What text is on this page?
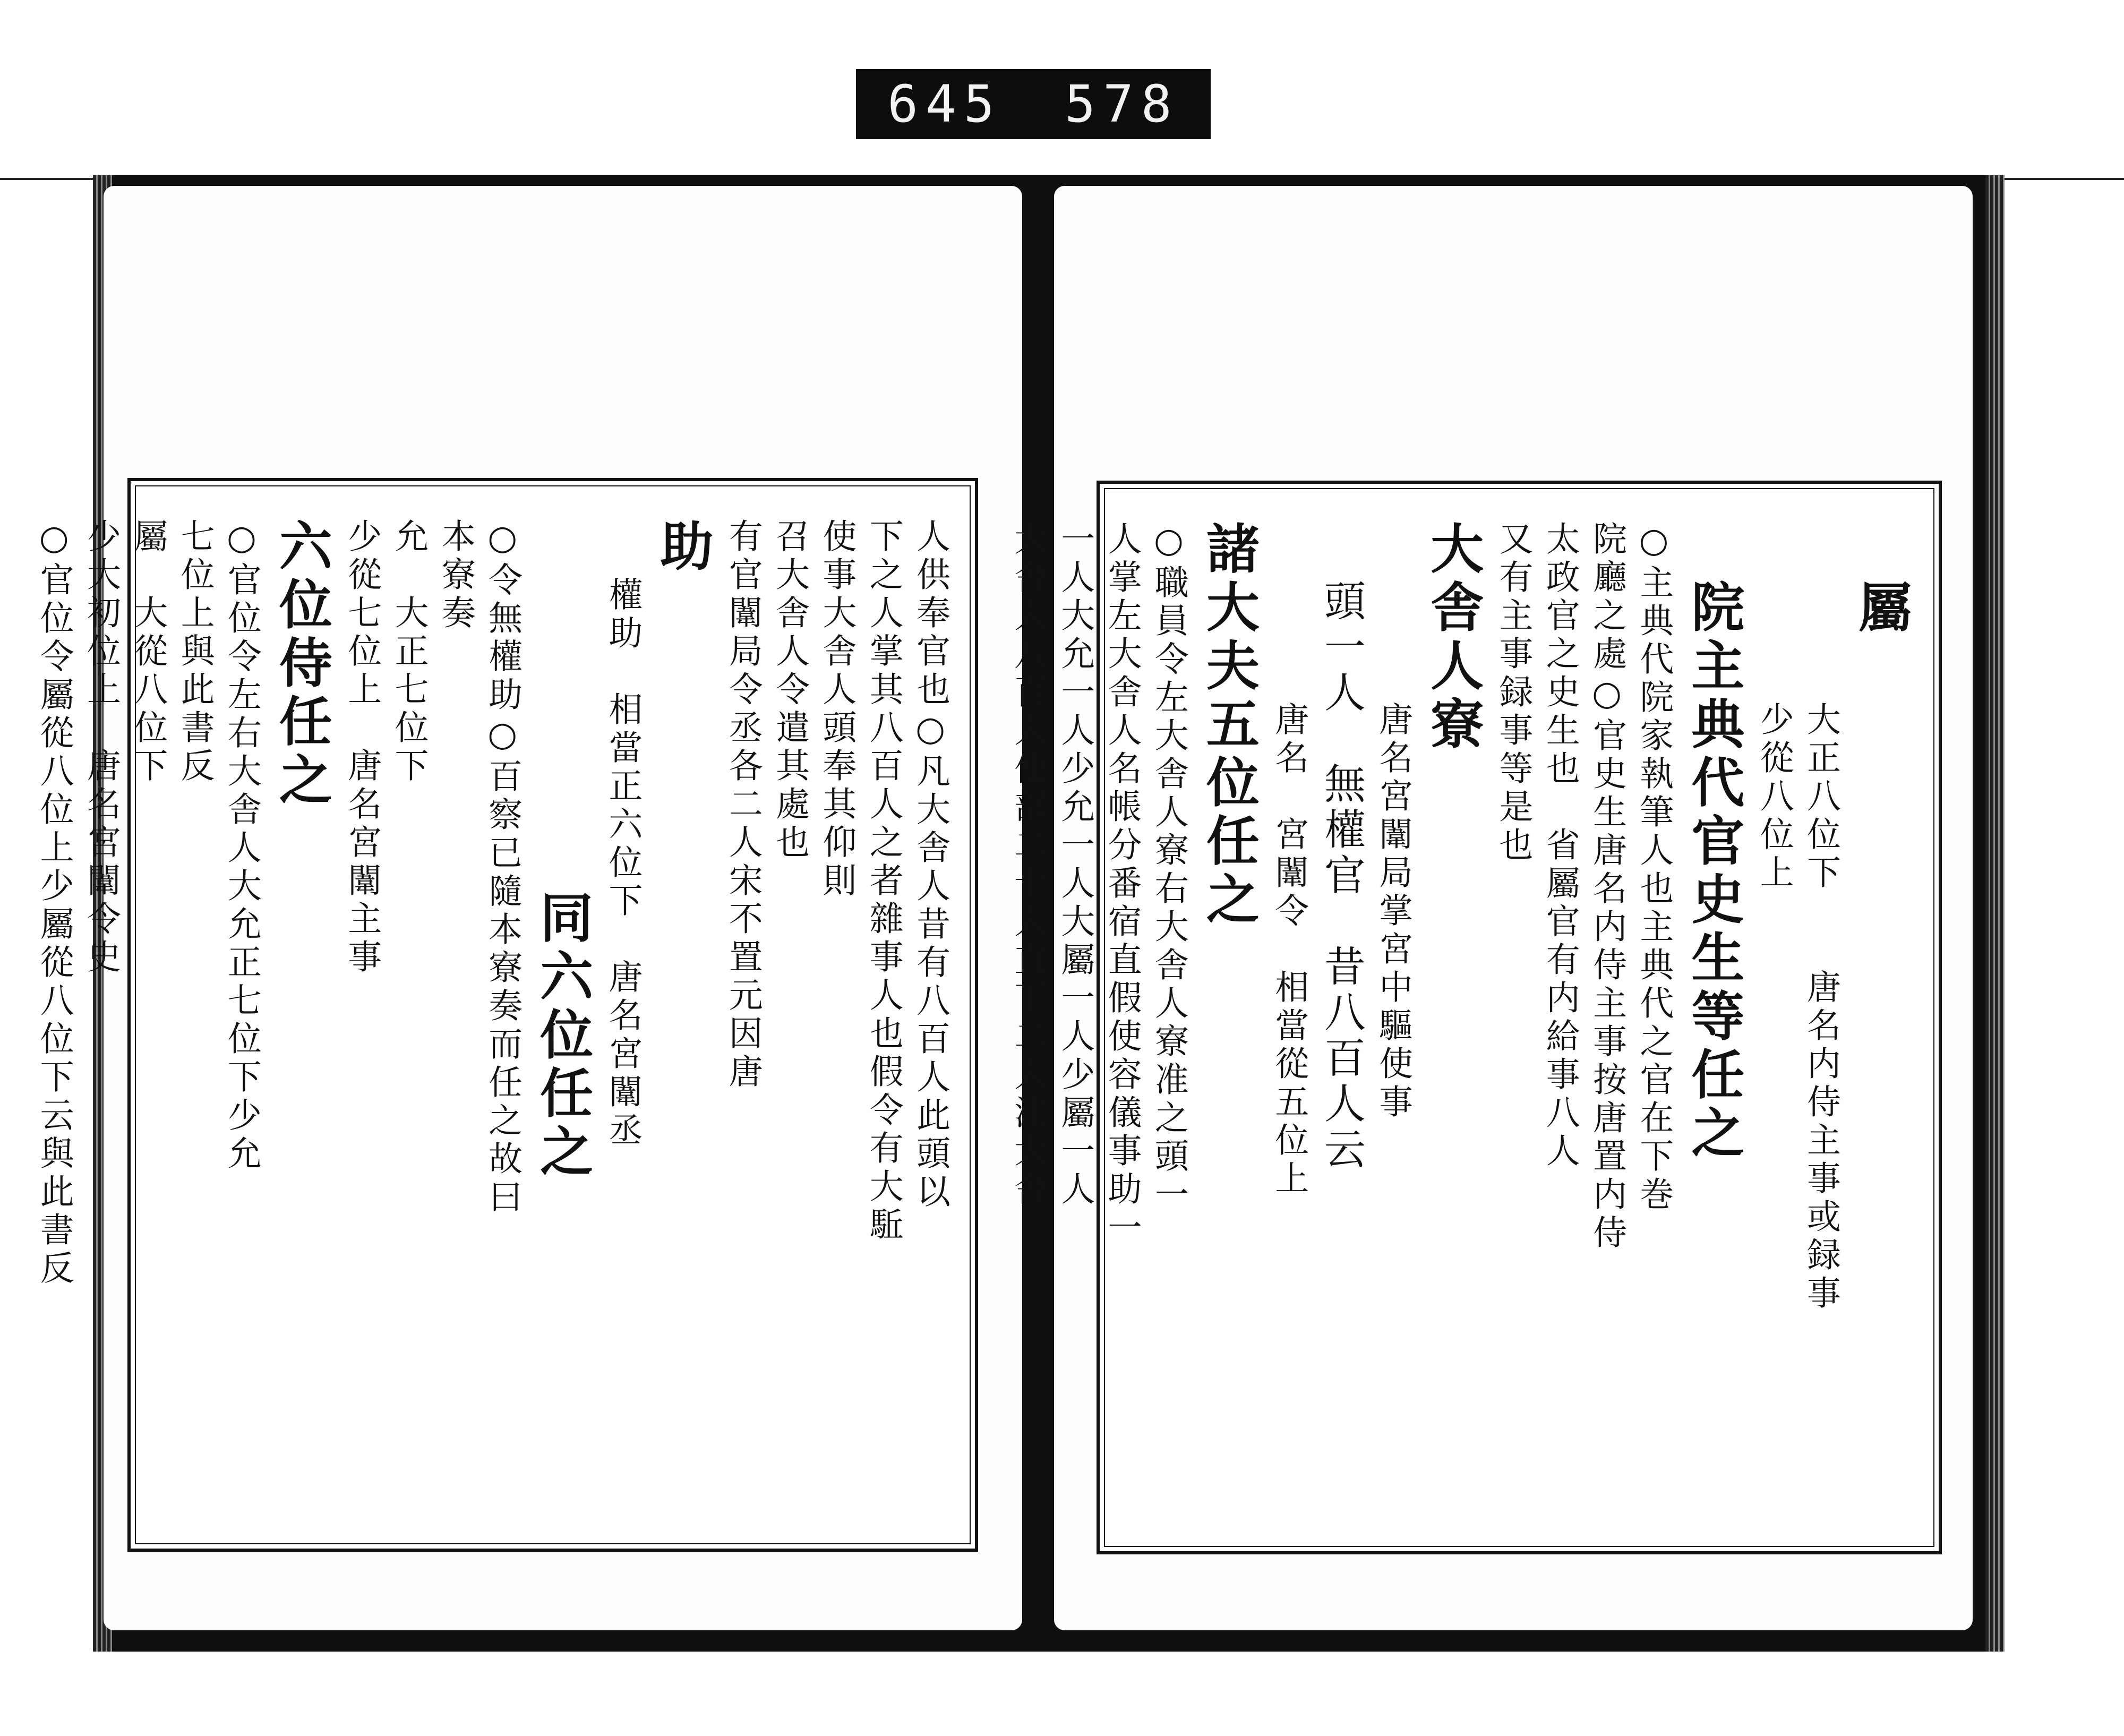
645 578

人供奉官也○凡大舎人昔有八百人此頭以

下之人掌其八百人之者雜事人也假令有大駈

使事大舎人頭奉其仰則

召大舎人令遣其處也

有官闈局令丞各二人宋不置元因唐

助

權助　相當正六位下　唐名宮闈丞

同六位任之

○令無權助○百察已隨本寮奏而任之故曰

本寮奏

允　大正七位下

少從七位上　唐名宮闈主事

六位侍任之

○官位令左右大舎人大允正七位下少允

七位上與此書反

屬　大從八位下

少大初位上　唐名宮闈令史

○官位令屬從八位上少屬從八位下云與此書反	屬

大正八位下　　唐名内侍主事或録事

少從八位上

院主典代官史生等任之

○主典代院家執筆人也主典代之官在下巻

院廳之處○官史生唐名内侍主事按唐置内侍

太政官之史生也　省屬官有内給事八人

又有主事録事等是也

大舎人寮

唐名宮闈局掌宮中驅使事

頭一人　無權官　昔八百人云

唐名　宮闈令　相當從五位上

諸大夫五位任之

○職員令左大舎人寮右大舎人寮准之頭一

人掌左大舎人名帳分番宿直假使容儀事助一

一人大允一人少允一人大屬一人少屬一人

大舎人八百人使部二十人直丁二人注大舎
